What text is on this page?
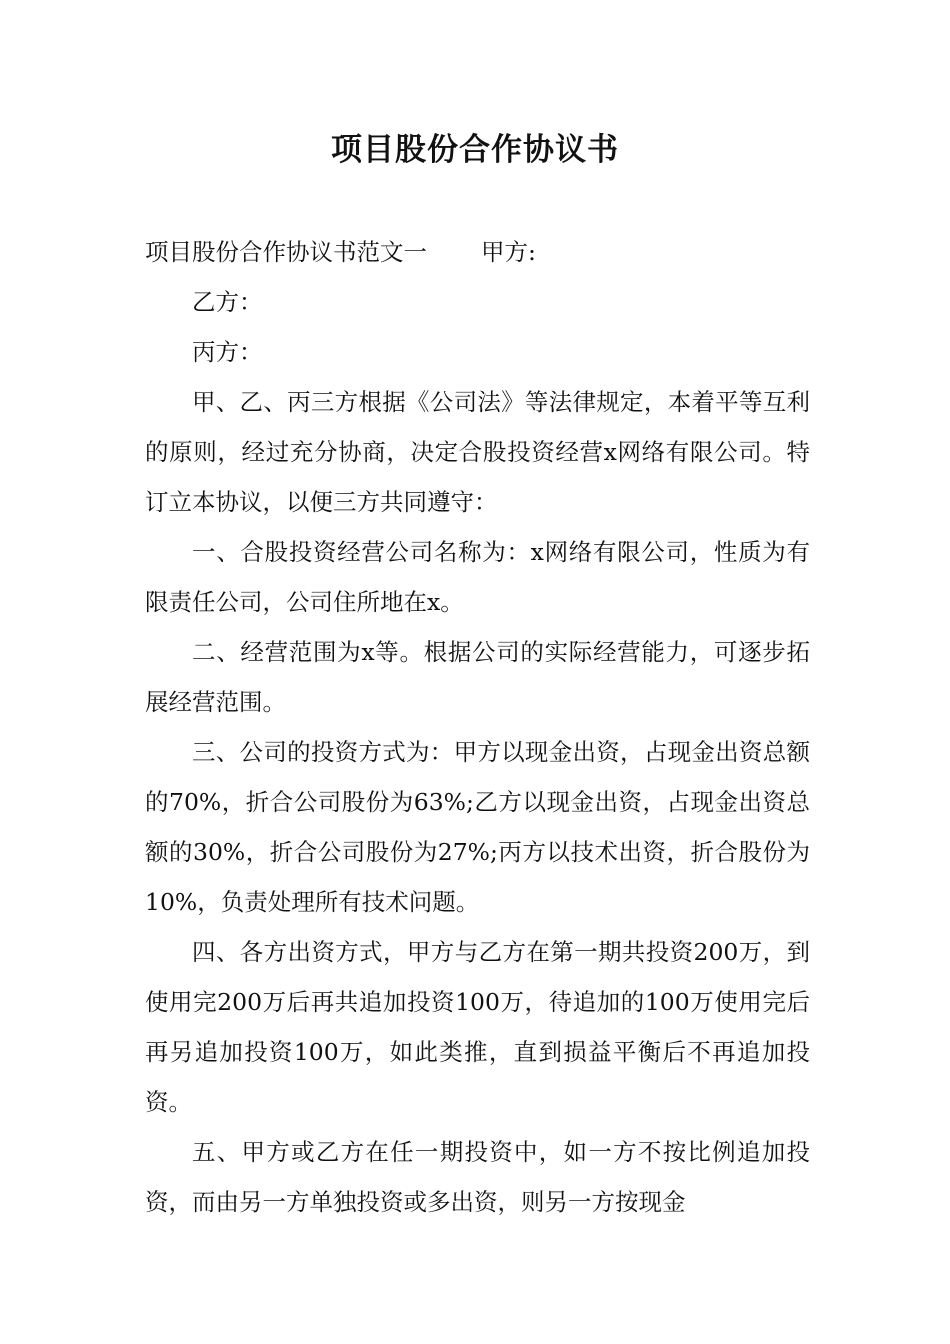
项目股份合作协议书

项目股份合作协议书范文一 甲方:

乙方：

丙方：

甲、乙、丙三方根据《公司法》等法律规定，本着平等互利的原则，经过充分协商，决定合股投资经营x网络有限公司。特订立本协议，以便三方共同遵守：

一、合股投资经营公司名称为：x网络有限公司，性质为有限责任公司，公司住所地在x。

二、经营范围为x等。根据公司的实际经营能力，可逐步拓展经营范围。

三、公司的投资方式为：甲方以现金出资，占现金出资总额的70%，折合公司股份为63%;乙方以现金出资，占现金出资总额的30%，折合公司股份为27%;丙方以技术出资，折合股份为10%，负责处理所有技术问题。

四、各方出资方式，甲方与乙方在第一期共投资200万，到使用完200万后再共追加投资100万，待追加的100万使用完后再另追加投资100万，如此类推，直到损益平衡后不再追加投资。

五、甲方或乙方在任一期投资中，如一方不按比例追加投资，而由另一方单独投资或多出资，则另一方按现金
